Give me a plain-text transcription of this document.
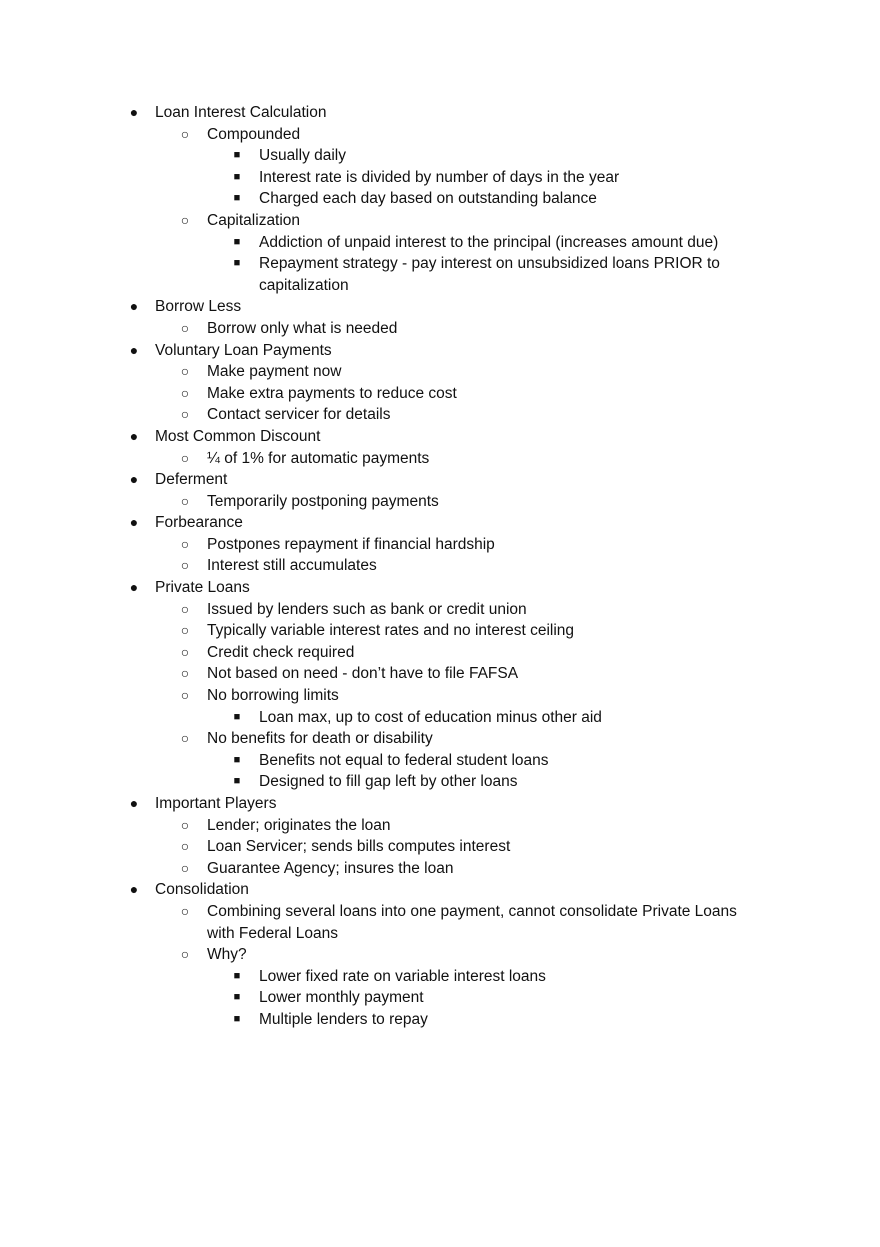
● Loan Interest Calculation
○ Compounded
■	Usually daily
■	Interest rate is divided by number of days in the year
■	Charged each day based on outstanding balance
○ Capitalization
■	Addiction of unpaid interest to the principal (increases amount due)
■	Repayment strategy - pay interest on unsubsidized loans PRIOR to
capitalization
● Borrow Less
○ Borrow only what is needed
● Voluntary Loan Payments
○ Make payment now
○ Make extra payments to reduce cost
○ Contact servicer for details
● Most Common Discount
○ ¼ of 1% for automatic payments
● Deferment
○ Temporarily postponing payments
● Forbearance
○ Postpones repayment if financial hardship
○ Interest still accumulates
● Private Loans
○ Issued by lenders such as bank or credit union
○ Typically variable interest rates and no interest ceiling
○ Credit check required
○ Not based on need - don’t have to file FAFSA
○ No borrowing limits
■	Loan max, up to cost of education minus other aid
○ No benefits for death or disability
■	Benefits not equal to federal student loans
■	Designed to fill gap left by other loans
● Important Players
○ Lender; originates the loan
○ Loan Servicer; sends bills computes interest
○ Guarantee Agency; insures the loan
● Consolidation
○ Combining several loans into one payment, cannot consolidate Private Loans
with Federal Loans
○ Why?
■	Lower fixed rate on variable interest loans
■	Lower monthly payment
■	Multiple lenders to repay
